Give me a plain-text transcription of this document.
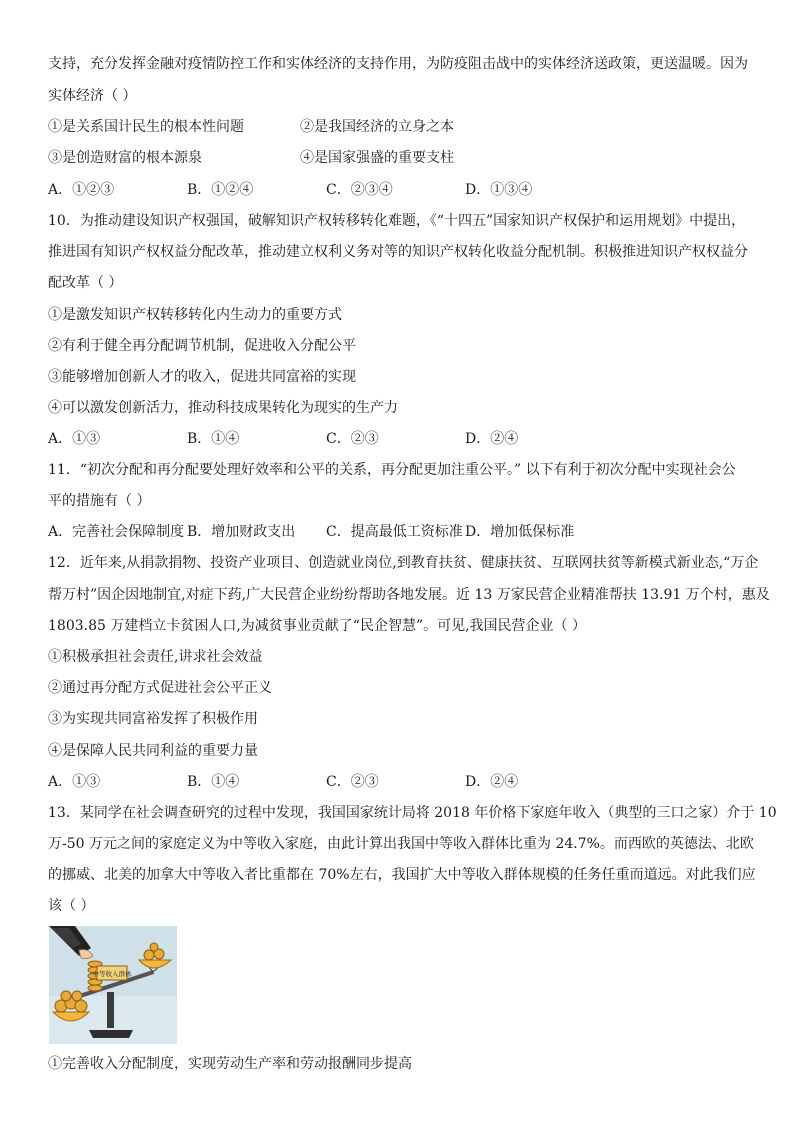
支持，充分发挥金融对疫情防控工作和实体经济的支持作用，为防疫阻击战中的实体经济送政策，更送温暖。因为
实体经济（ ）
①是关系国计民生的根本性问题	②是我国经济的立身之本
③是创造财富的根本源泉	④是国家强盛的重要支柱
A．①②③	B．①②④	C．②③④	D．①③④
10．为推动建设知识产权强国，破解知识产权转移转化难题，《“十四五”国家知识产权保护和运用规划》中提出，
推进国有知识产权权益分配改革，推动建立权利义务对等的知识产权转化收益分配机制。积极推进知识产权权益分
配改革（ ）
①是激发知识产权转移转化内生动力的重要方式
②有利于健全再分配调节机制，促进收入分配公平
③能够增加创新人才的收入，促进共同富裕的实现
④可以激发创新活力，推动科技成果转化为现实的生产力
A．①③	B．①④	C．②③	D．②④
11．“初次分配和再分配要处理好效率和公平的关系，再分配更加注重公平。” 以下有利于初次分配中实现社会公
平的措施有（ ）
A．完善社会保障制度 B．增加财政支出 C．提高最低工资标准 D．增加低保标准
12．近年来,从捐款捐物、投资产业项目、创造就业岗位,到教育扶贫、健康扶贫、互联网扶贫等新模式新业态,“万企
帮万村”因企因地制宜,对症下药,广大民营企业纷纷帮助各地发展。近 13 万家民营企业精准帮扶 13.91 万个村，惠及
1803.85 万建档立卡贫困人口,为减贫事业贡献了“民企智慧”。可见,我国民营企业（ ）
①积极承担社会责任,讲求社会效益
②通过再分配方式促进社会公平正义
③为实现共同富裕发挥了积极作用
④是保障人民共同利益的重要力量
A．①③	B．①④	C．②③	D．②④
13．某同学在社会调查研究的过程中发现，我国国家统计局将 2018 年价格下家庭年收入（典型的三口之家）介于 10
万-50 万元之间的家庭定义为中等收入家庭，由此计算出我国中等收入群体比重为 24.7%。而西欧的英德法、北欧
的挪威、北美的加拿大中等收入者比重都在 70%左右，我国扩大中等收入群体规模的任务任重而道远。对此我们应
该（ ）
中等收入群体
①完善收入分配制度，实现劳动生产率和劳动报酬同步提高
